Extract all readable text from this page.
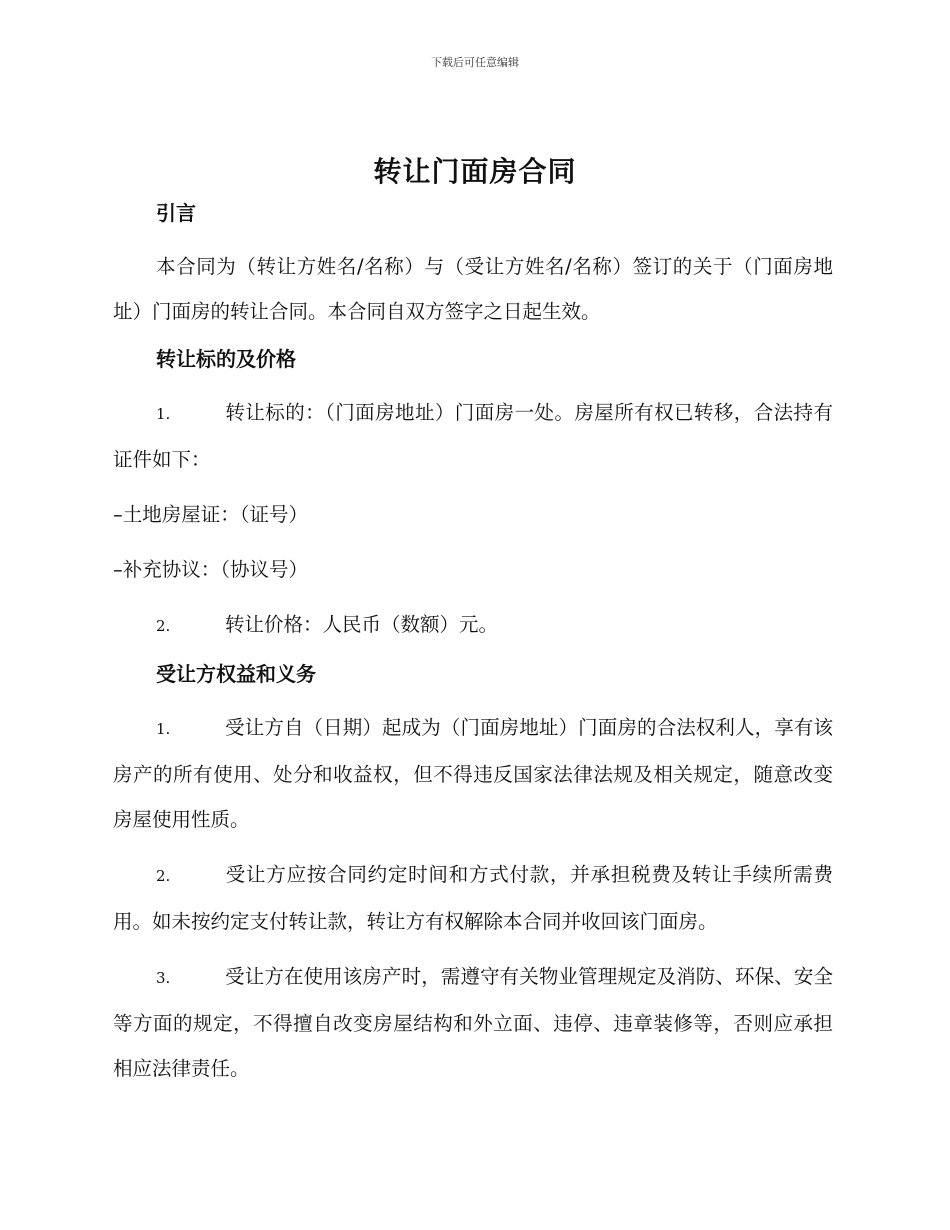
下载后可任意编辑
转让门面房合同

引言

本合同为（转让方姓名/名称）与（受让方姓名/名称）签订的关于（门面房地址）门面房的转让合同。本合同自双方签字之日起生效。

转让标的及价格

1.	转让标的：（门面房地址）门面房一处。房屋所有权已转移，合法持有证件如下：

–土地房屋证：（证号）

–补充协议：（协议号）

2.	转让价格：人民币（数额）元。

受让方权益和义务

1.	受让方自（日期）起成为（门面房地址）门面房的合法权利人，享有该房产的所有使用、处分和收益权，但不得违反国家法律法规及相关规定，随意改变房屋使用性质。

2.	受让方应按合同约定时间和方式付款，并承担税费及转让手续所需费用。如未按约定支付转让款，转让方有权解除本合同并收回该门面房。

3.	受让方在使用该房产时，需遵守有关物业管理规定及消防、环保、安全等方面的规定，不得擅自改变房屋结构和外立面、违停、违章装修等，否则应承担相应法律责任。
